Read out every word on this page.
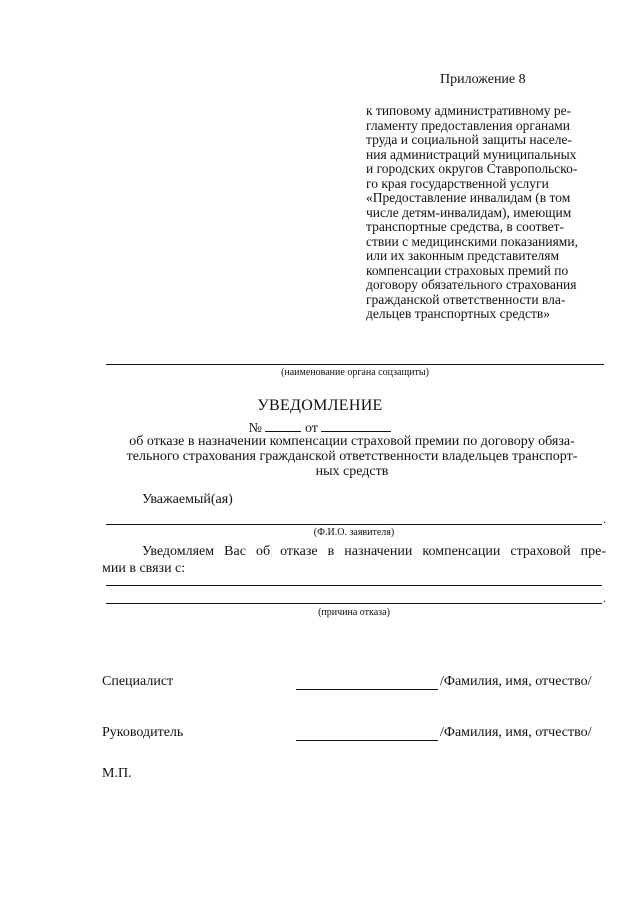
Приложение 8
к типовому административному ре-
гламенту предоставления органами
труда и социальной защиты населе-
ния администраций муниципальных
и городских округов Ставропольско-
го края государственной услуги
«Предоставление инвалидам (в том
числе детям-инвалидам), имеющим
транспортные средства, в соответ-
ствии с медицинскими показаниями,
или их законным представителям
компенсации страховых премий по
договору обязательного страхования
гражданской ответственности вла-
дельцев транспортных средств»
(наименование органа соцзащиты)
УВЕДОМЛЕНИЕ
№	от
об отказе в назначении компенсации страховой премии по договору обяза-
тельного страхования гражданской ответственности владельцев транспорт-
ных средств
Уважаемый(ая)
.
(Ф.И.О. заявителя)
Уведомляем Вас об отказе в назначении компенсации страховой пре-
мии в связи с:
.
(причина отказа)
Специалист	/Фамилия, имя, отчество/
Руководитель	/Фамилия, имя, отчество/
М.П.
